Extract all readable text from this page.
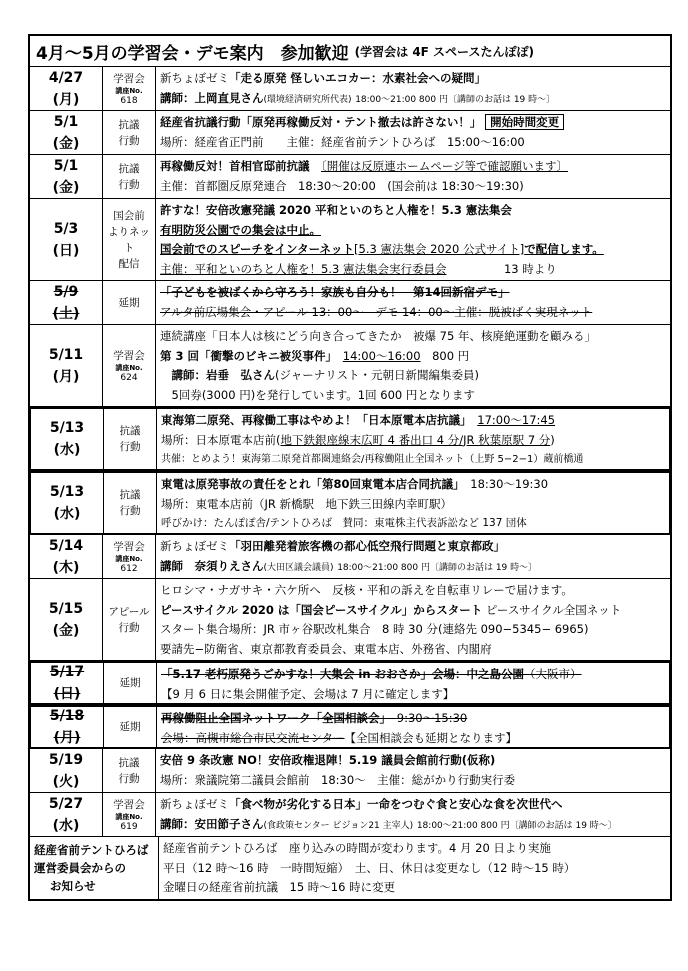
4月～5月の学習会・デモ案内　参加歓迎 (学習会は 4F スペースたんぽぽ)
4/27
(月)
学習会
講座No.
618
新ちょぼゼミ「走る原発 怪しいエコカー：水素社会への疑問」
講師：上岡直見さん(環境経済研究所代表) 18:00～21:00 800 円〔講師のお話は 19 時～〕
5/1
(金)
抗議
行動
経産省抗議行動「原発再稼働反対・テント撤去は許さない！」 開始時間変更
場所：経産省正門前　　 主催：経産省前テントひろば　 15:00～16:00
5/1
(金)
抗議
行動
再稼働反対！首相官邸前抗議　 〔開催は反原連ホームページ等で確認願います〕
主催：首都圏反原発連合　 18:30～20:00　 (国会前は 18:30～19:30)
5/3
(日)
国会前
よりネット
配信
許すな！安倍改憲発議 2020 平和といのちと人権を！5.3 憲法集会
有明防災公園での集会は中止。
国会前でのスピーチをインターネット[5.3 憲法集会 2020 公式サイト]で配信します。
主催：平和といのちと人権を！5.3 憲法集会実行委員会　　　　　	13 時より
5/9
(土)
延期
「子どもを被ばくから守ろう！家族も自分も！　第14回新宿デモ」
アルタ前広場集会・アピール 13：00～　デモ 14：00～主催：脱被ばく実現ネット
5/11
(月)
学習会
講座No.
624
連続講座「日本人は核にどう向き合ってきたか　被爆 75 年、核廃絶運動を顧みる」
第 3 回「衝撃のビキニ被災事件」　 14:00～16:00　 800 円
　講師：岩垂　弘さん(ジャーナリスト・元朝日新聞編集委員)
　5回券(3000 円)を発行しています。1回 600 円となります
5/13
(水)
抗議
行動
東海第二原発、再稼働工事はやめよ！「日本原電本店抗議」　 17:00～17:45
場所：日本原電本店前(地下鉄銀座線末広町 4 番出口 4 分/JR 秋葉原駅 7 分)
共催：とめよう！東海第二原発首都圏連絡会/再稼働阻止全国ネット（上野 5−2−1）蔵前橋通
5/13
(水)
抗議
行動
東電は原発事故の責任をとれ「第80回東電本店合同抗議」　 18:30～19:30
場所：東電本店前（JR 新橋駅　地下鉄三田線内幸町駅）
呼びかけ：たんぽぽ舎/テントひろば　賛同：東電株主代表訴訟など 137 団体
5/14
(木)
学習会
講座No.
612
新ちょぼゼミ「羽田離発着旅客機の都心低空飛行問題と東京都政」
講師　奈須りえさん(大田区議会議員) 18:00～21:00 800 円〔講師のお話は 19 時～〕
5/15
(金)
アピール
行動
ヒロシマ・ナガサキ・六ケ所へ　反核・平和の訴えを自転車リレーで届けます。
ピースサイクル 2020 は「国会ピースサイクル」からスタート ピースサイクル全国ネット
スタート集合場所：JR 市ヶ谷駅改札集合　8 時 30 分(連絡先 090−5345− 6965)
要請先−防衛省、東京都教育委員会、東電本店、外務省、内閣府
5/17
(日)
延期
「5.17 老朽原発うごかすな！大集会 in おおさか」会場：中之島公園（大阪市）
【9 月 6 日に集会開催予定、会場は 7 月に確定します】
5/18
(月)
延期
再稼働阻止全国ネットワーク「全国相談会」　 9:30～15:30
会場：高槻市総合市民交流センター【全国相談会も延期となります】
5/19
(火)
抗議
行動
安倍 9 条改憲 NO！安倍政権退陣！5.19 議員会館前行動(仮称)
場所：衆議院第二議員会館前　18:30～　主催：総がかり行動実行委
5/27
(水)
学習会
講座No.
619
新ちょぼゼミ「食べ物が劣化する日本」一命をつむぐ食と安心な食を次世代へ
講師：安田節子さん(食政策センター ビジョン21 主宰人) 18:00～21:00 800 円〔講師のお話は 19 時～〕
経産省前テントひろば
運営委員会からの
お知らせ
経産省前テントひろば　座り込みの時間が変わります。4 月 20 日より実施
平日（12 時～16 時　一時間短縮）　土、日、休日は変更なし（12 時～15 時）
金曜日の経産省前抗議　15 時～16 時に変更
